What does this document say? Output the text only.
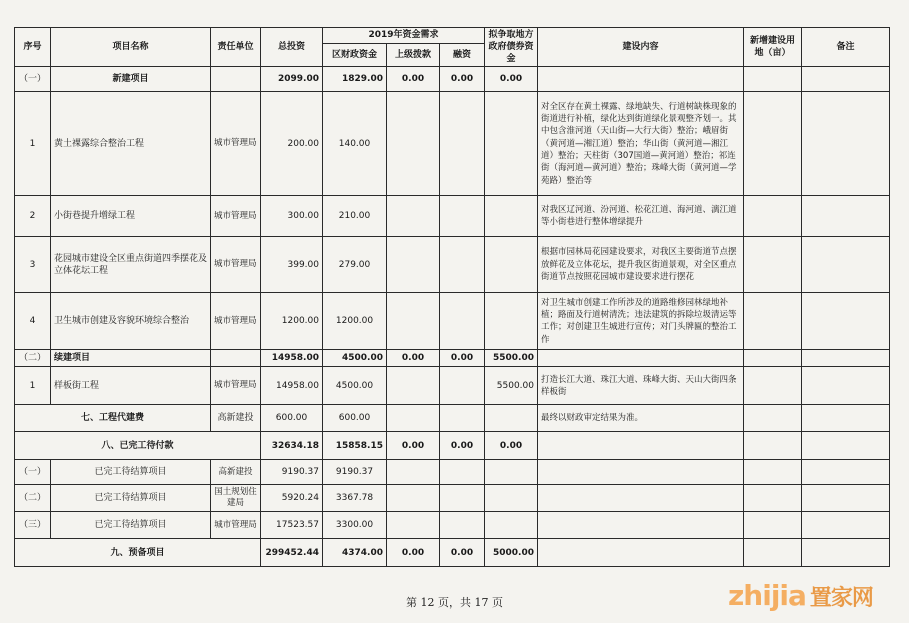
序号	项目名称	责任单位	总投资	2019年资金需求			拟争取地方政府债券资金	建设内容	新增建设用地（亩）	备注
				区财政资金	上级拨款	融资				
（一）	新建项目		2099.00	1829.00	0.00	0.00	0.00			
1	黄土裸露综合整治工程	城市管理局	200.00	140.00				对全区存在黄土裸露、绿地缺失、行道树缺株现象的街道进行补植，绿化达到街道绿化景观整齐划一。其中包含淮河道（天山街—大行大街）整治；峨眉街（黄河道—湘江道）整治；华山街（黄河道—湘江道）整治；天柱街（307国道—黄河道）整治；祁连街（海河道—黄河道）整治；珠峰大街（黄河道—学苑路）整治等		
2	小街巷提升增绿工程	城市管理局	300.00	210.00				对我区辽河道、汾河道、松花江道、海河道、漓江道等小街巷进行整体增绿提升		
3	花园城市建设全区重点街道四季摆花及立体花坛工程	城市管理局	399.00	279.00				根据市园林局花园建设要求，对我区主要街道节点摆放鲜花及立体花坛，提升我区街道景观，对全区重点街道节点按照花园城市建设要求进行摆花		
4	卫生城市创建及容貌环境综合整治	城市管理局	1200.00	1200.00				对卫生城市创建工作所涉及的道路维修园林绿地补植；路面及行道树清洗；违法建筑的拆除垃圾清运等工作；对创建卫生城进行宣传；对门头牌匾的整治工作		
（二）	续建项目		14958.00	4500.00	0.00	0.00	5500.00			
1	样板街工程	城市管理局	14958.00	4500.00			5500.00	打造长江大道、珠江大道、珠峰大街、天山大街四条样板街		
七、工程代建费		高新建投	600.00	600.00				最终以财政审定结果为准。		
八、已完工待付款			32634.18	15858.15	0.00	0.00	0.00			
（一）	已完工待结算项目	高新建投	9190.37	9190.37						
（二）	已完工待结算项目	国土规划住建局	5920.24	3367.78						
（三）	已完工待结算项目	城市管理局	17523.57	3300.00						
九、预备项目			299452.44	4374.00	0.00	0.00	5000.00			
第 12 页，共 17 页	zhijia 置家网
